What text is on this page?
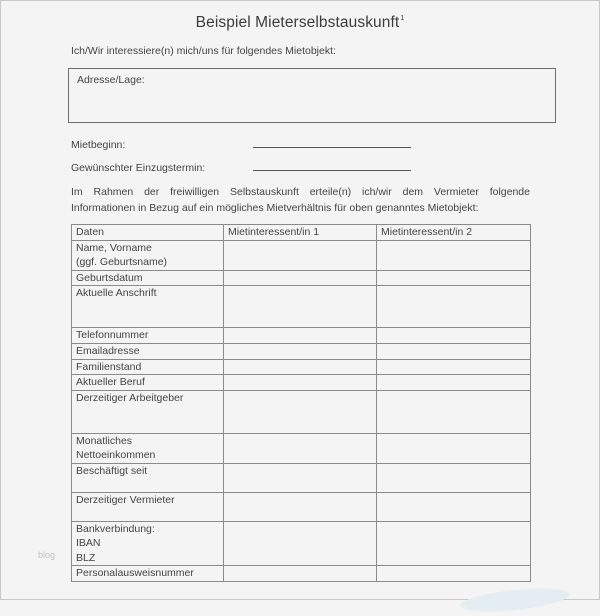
Beispiel Mieterselbstauskunft$^1$
Ich/Wir interessiere(n) mich/uns für folgendes Mietobjekt:
Adresse/Lage:
Mietbeginn:
Gewünschter Einzugstermin:
Im Rahmen der freiwilligen Selbstauskunft erteile(n) ich/wir dem Vermieter folgende
Informationen in Bezug auf ein mögliches Mietverhältnis für oben genanntes Mietobjekt:
Daten	Mietinteressent/in 1	Mietinteressent/in 2

Name, Vorname
(ggf. Geburtsname)		

Geburtsdatum		

Aktuelle Anschrift		

Telefonnummer		

Emailadresse		

Familienstand		

Aktueller Beruf		

Derzeitiger Arbeitgeber		

Monatliches
Nettoeinkommen		

Beschäftigt seit		

Derzeitiger Vermieter		

Bankverbindung:
IBAN
BLZ		

Personalausweisnummer		

blog
